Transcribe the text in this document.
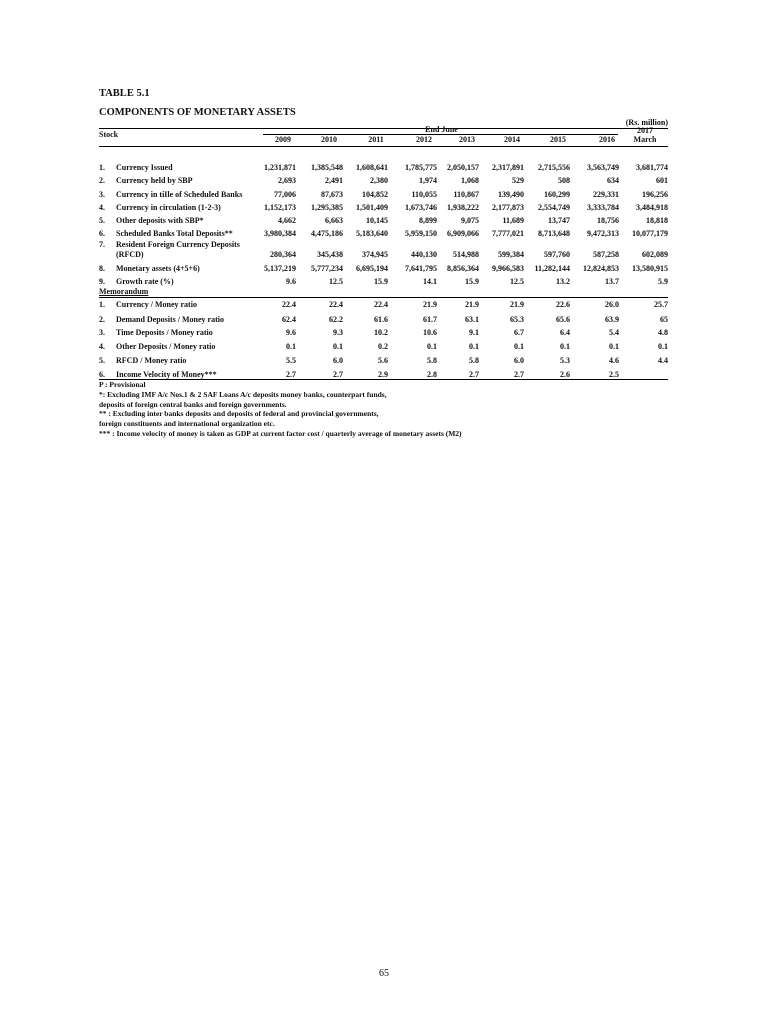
TABLE 5.1
COMPONENTS OF MONETARY ASSETS
(Rs. million)
Stock
End June
2009	2010	2011	2012	2013	2014	2015	2016
2017
March
1. Currency Issued	1,231,871	1,385,548	1,608,641	1,785,775	2,050,157	2,317,891	2,715,556	3,563,749	3,681,774
2. Currency held by SBP	2,693	2,491	2,380	1,974	1,068	529	508	634	601
3. Currency in tiIle of Scheduled Banks	77,006	87,673	104,852	110,055	110,867	139,490	160,299	229,331	196,256
4. Currency in circulation (1-2-3)	1,152,173	1,295,385	1,501,409	1,673,746	1,938,222	2,177,873	2,554,749	3,333,784	3,484,918
5. Other deposits with SBP*	4,662	6,663	10,145	8,899	9,075	11,689	13,747	18,756	18,818
6. Scheduled Banks Total Deposits**	3,980,384	4,475,186	5,183,640	5,959,150	6,909,066	7,777,021	8,713,648	9,472,313	10,077,179
7. Resident Foreign Currency Deposits
(RFCD)	280,364	345,438	374,945	440,130	514,988	599,384	597,760	587,258	602,089
8. Monetary assets (4+5+6)	5,137,219	5,777,234	6,695,194	7,641,795	8,856,364	9,966,583	11,282,144	12,824,853	13,580,915
9. Growth rate (%)	9.6	12.5	15.9	14.1	15.9	12.5	13.2	13.7	5.9
Memorandum
1. Currency / Money ratio	22.4	22.4	22.4	21.9	21.9	21.9	22.6	26.0	25.7
2. Demand Deposits / Money ratio	62.4	62.2	61.6	61.7	63.1	65.3	65.6	63.9	65
3. Time Deposits / Money ratio	9.6	9.3	10.2	10.6	9.1	6.7	6.4	5.4	4.8
4. Other Deposits / Money ratio	0.1	0.1	0.2	0.1	0.1	0.1	0.1	0.1	0.1
5. RFCD / Money ratio	5.5	6.0	5.6	5.8	5.8	6.0	5.3	4.6	4.4
6. Income Velocity of Money***	2.7	2.7	2.9	2.8	2.7	2.7	2.6	2.5
P : Provisional
*: Excluding IMF A/c Nos.1 & 2 SAF Loans A/c deposits money banks, counterpart funds,
deposits of foreign central banks and foreign governments.
** : Excluding inter banks deposits and deposits of federal and provincial governments,
foreign constituents and international organization etc.
*** : Income velocity of money is taken as GDP at current factor cost / quarterly average of monetary assets (M2)
65
